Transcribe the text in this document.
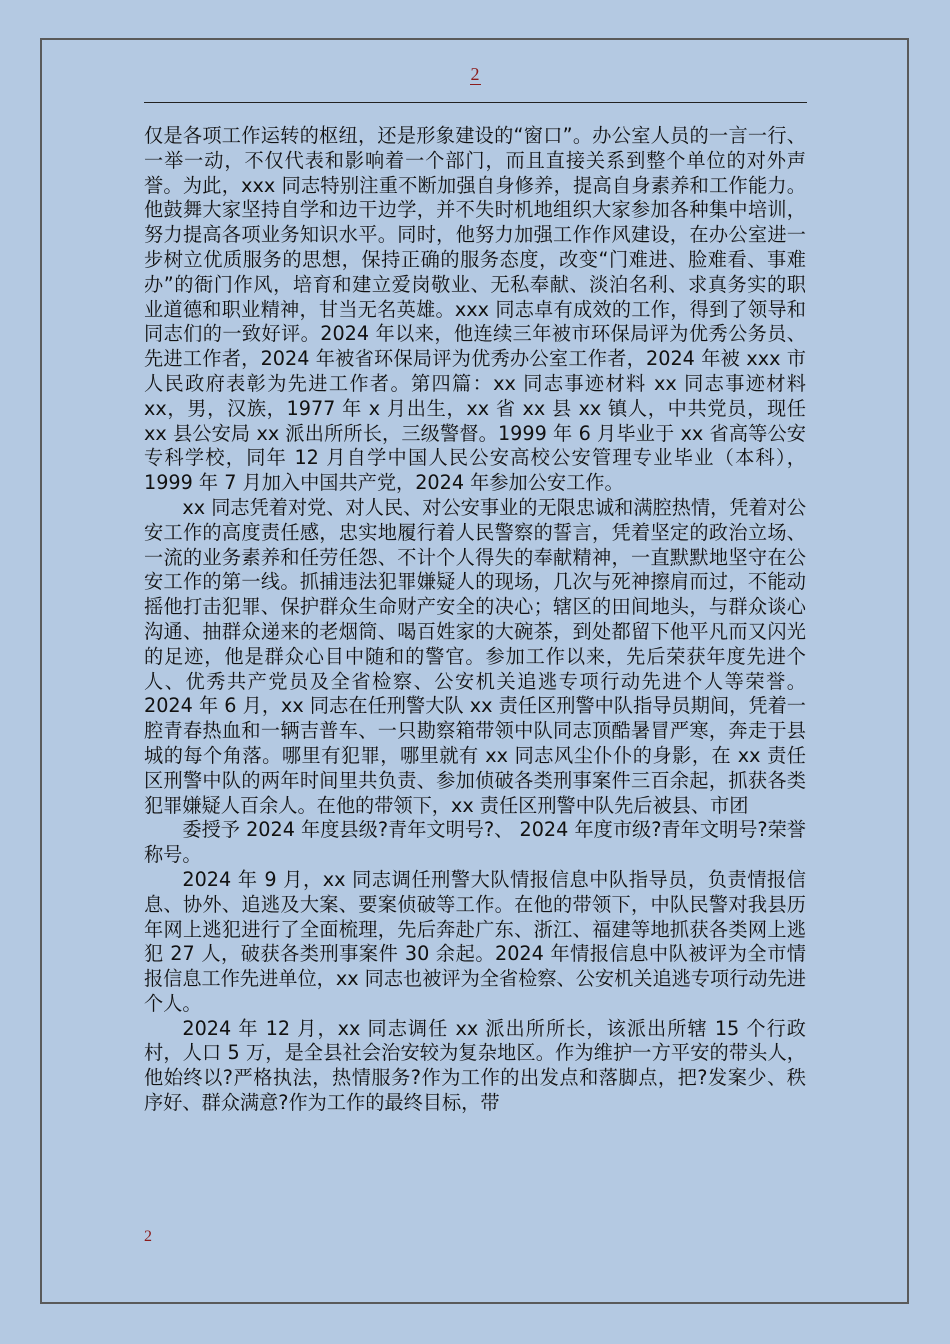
2

仅是各项工作运转的枢纽，还是形象建设的“窗口”。办公室人员的一言一行、一举一动，不仅代表和影响着一个部门，而且直接关系到整个单位的对外声誉。为此，xxx 同志特别注重不断加强自身修养，提高自身素养和工作能力。他鼓舞大家坚持自学和边干边学，并不失时机地组织大家参加各种集中培训，努力提高各项业务知识水平。同时，他努力加强工作作风建设，在办公室进一步树立优质服务的思想，保持正确的服务态度，改变“门难进、脸难看、事难办”的衙门作风，培育和建立爱岗敬业、无私奉献、淡泊名利、求真务实的职业道德和职业精神，甘当无名英雄。xxx 同志卓有成效的工作，得到了领导和同志们的一致好评。2024 年以来，他连续三年被市环保局评为优秀公务员、先进工作者，2024 年被省环保局评为优秀办公室工作者，2024 年被 xxx 市人民政府表彰为先进工作者。第四篇：xx 同志事迹材料 xx 同志事迹材料 xx，男，汉族，1977 年 x 月出生，xx 省 xx 县 xx 镇人，中共党员，现任 xx 县公安局 xx 派出所所长，三级警督。1999 年 6 月毕业于 xx 省高等公安专科学校，同年 12 月自学中国人民公安高校公安管理专业毕业（本科），1999 年 7 月加入中国共产党，2024 年参加公安工作。

xx 同志凭着对党、对人民、对公安事业的无限忠诚和满腔热情，凭着对公安工作的高度责任感，忠实地履行着人民警察的誓言，凭着坚定的政治立场、一流的业务素养和任劳任怨、不计个人得失的奉献精神，一直默默地坚守在公安工作的第一线。抓捕违法犯罪嫌疑人的现场，几次与死神擦肩而过，不能动摇他打击犯罪、保护群众生命财产安全的决心；辖区的田间地头，与群众谈心沟通、抽群众递来的老烟筒、喝百姓家的大碗茶，到处都留下他平凡而又闪光的足迹，他是群众心目中随和的警官。参加工作以来，先后荣获年度先进个人、优秀共产党员及全省检察、公安机关追逃专项行动先进个人等荣誉。2024 年 6 月，xx 同志在任刑警大队 xx 责任区刑警中队指导员期间，凭着一腔青春热血和一辆吉普车、一只勘察箱带领中队同志顶酷暑冒严寒，奔走于县城的每个角落。哪里有犯罪，哪里就有 xx 同志风尘仆仆的身影，在 xx 责任区刑警中队的两年时间里共负责、参加侦破各类刑事案件三百余起，抓获各类犯罪嫌疑人百余人。在他的带领下，xx 责任区刑警中队先后被县、市团

委授予 2024 年度县级?青年文明号?、 2024 年度市级?青年文明号?荣誉称号。

2024 年 9 月，xx 同志调任刑警大队情报信息中队指导员，负责情报信息、协外、追逃及大案、要案侦破等工作。在他的带领下，中队民警对我县历年网上逃犯进行了全面梳理，先后奔赴广东、浙江、福建等地抓获各类网上逃犯 27 人，破获各类刑事案件 30 余起。2024 年情报信息中队被评为全市情报信息工作先进单位，xx 同志也被评为全省检察、公安机关追逃专项行动先进个人。

2024 年 12 月，xx 同志调任 xx 派出所所长，该派出所辖 15 个行政村，人口 5 万，是全县社会治安较为复杂地区。作为维护一方平安的带头人，他始终以?严格执法，热情服务?作为工作的出发点和落脚点，把?发案少、秩序好、群众满意?作为工作的最终目标，带

2
